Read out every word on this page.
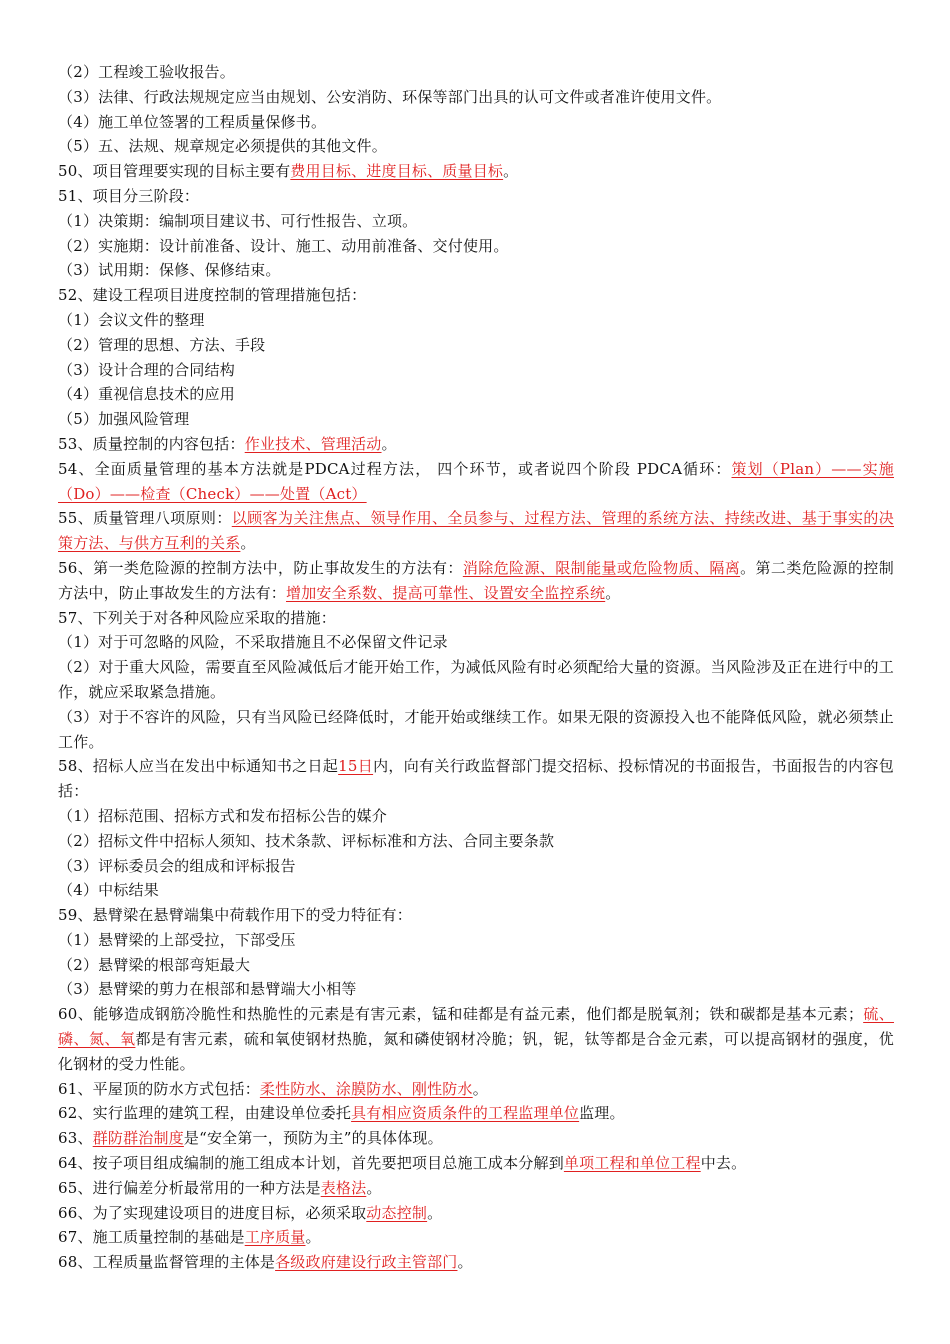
（2）工程竣工验收报告。

（3）法律、行政法规规定应当由规划、公安消防、环保等部门出具的认可文件或者准许使用文件。

（4）施工单位签署的工程质量保修书。

（5）五、法规、规章规定必须提供的其他文件。

50、项目管理要实现的目标主要有费用目标、进度目标、质量目标。

51、项目分三阶段：

（1）决策期：编制项目建议书、可行性报告、立项。

（2）实施期：设计前准备、设计、施工、动用前准备、交付使用。

（3）试用期：保修、保修结束。

52、建设工程项目进度控制的管理措施包括：

（1）会议文件的整理

（2）管理的思想、方法、手段

（3）设计合理的合同结构

（4）重视信息技术的应用

（5）加强风险管理

53、质量控制的内容包括：作业技术、管理活动。

54、全面质量管理的基本方法就是PDCA过程方法， 四个环节，或者说四个阶段 PDCA循环：策划（Plan）——实施（Do）——检查（Check）——处置（Act）

55、质量管理八项原则：以顾客为关注焦点、领导作用、全员参与、过程方法、管理的系统方法、持续改进、基于事实的决策方法、与供方互利的关系。

56、第一类危险源的控制方法中，防止事故发生的方法有：消除危险源、限制能量或危险物质、隔离。第二类危险源的控制方法中，防止事故发生的方法有：增加安全系数、提高可靠性、设置安全监控系统。

57、下列关于对各种风险应采取的措施：

（1）对于可忽略的风险，不采取措施且不必保留文件记录

（2）对于重大风险，需要直至风险减低后才能开始工作，为减低风险有时必须配给大量的资源。当风险涉及正在进行中的工作，就应采取紧急措施。

（3）对于不容许的风险，只有当风险已经降低时，才能开始或继续工作。如果无限的资源投入也不能降低风险，就必须禁止工作。

58、招标人应当在发出中标通知书之日起15日内，向有关行政监督部门提交招标、投标情况的书面报告，书面报告的内容包括：

（1）招标范围、招标方式和发布招标公告的媒介

（2）招标文件中招标人须知、技术条款、评标标准和方法、合同主要条款

（3）评标委员会的组成和评标报告

（4）中标结果

59、悬臂梁在悬臂端集中荷载作用下的受力特征有：

（1）悬臂梁的上部受拉，下部受压

（2）悬臂梁的根部弯矩最大

（3）悬臂梁的剪力在根部和悬臂端大小相等

60、能够造成钢筋冷脆性和热脆性的元素是有害元素，锰和硅都是有益元素，他们都是脱氧剂；铁和碳都是基本元素；硫、磷、氮、氧都是有害元素，硫和氧使钢材热脆，氮和磷使钢材冷脆；钒，铌，钛等都是合金元素，可以提高钢材的强度，优化钢材的受力性能。

61、平屋顶的防水方式包括：柔性防水、涂膜防水、刚性防水。

62、实行监理的建筑工程，由建设单位委托具有相应资质条件的工程监理单位监理。

63、群防群治制度是“安全第一，预防为主”的具体体现。

64、按子项目组成编制的施工组成本计划，首先要把项目总施工成本分解到单项工程和单位工程中去。

65、进行偏差分析最常用的一种方法是表格法。

66、为了实现建设项目的进度目标，必须采取动态控制。

67、施工质量控制的基础是工序质量。

68、工程质量监督管理的主体是各级政府建设行政主管部门。
